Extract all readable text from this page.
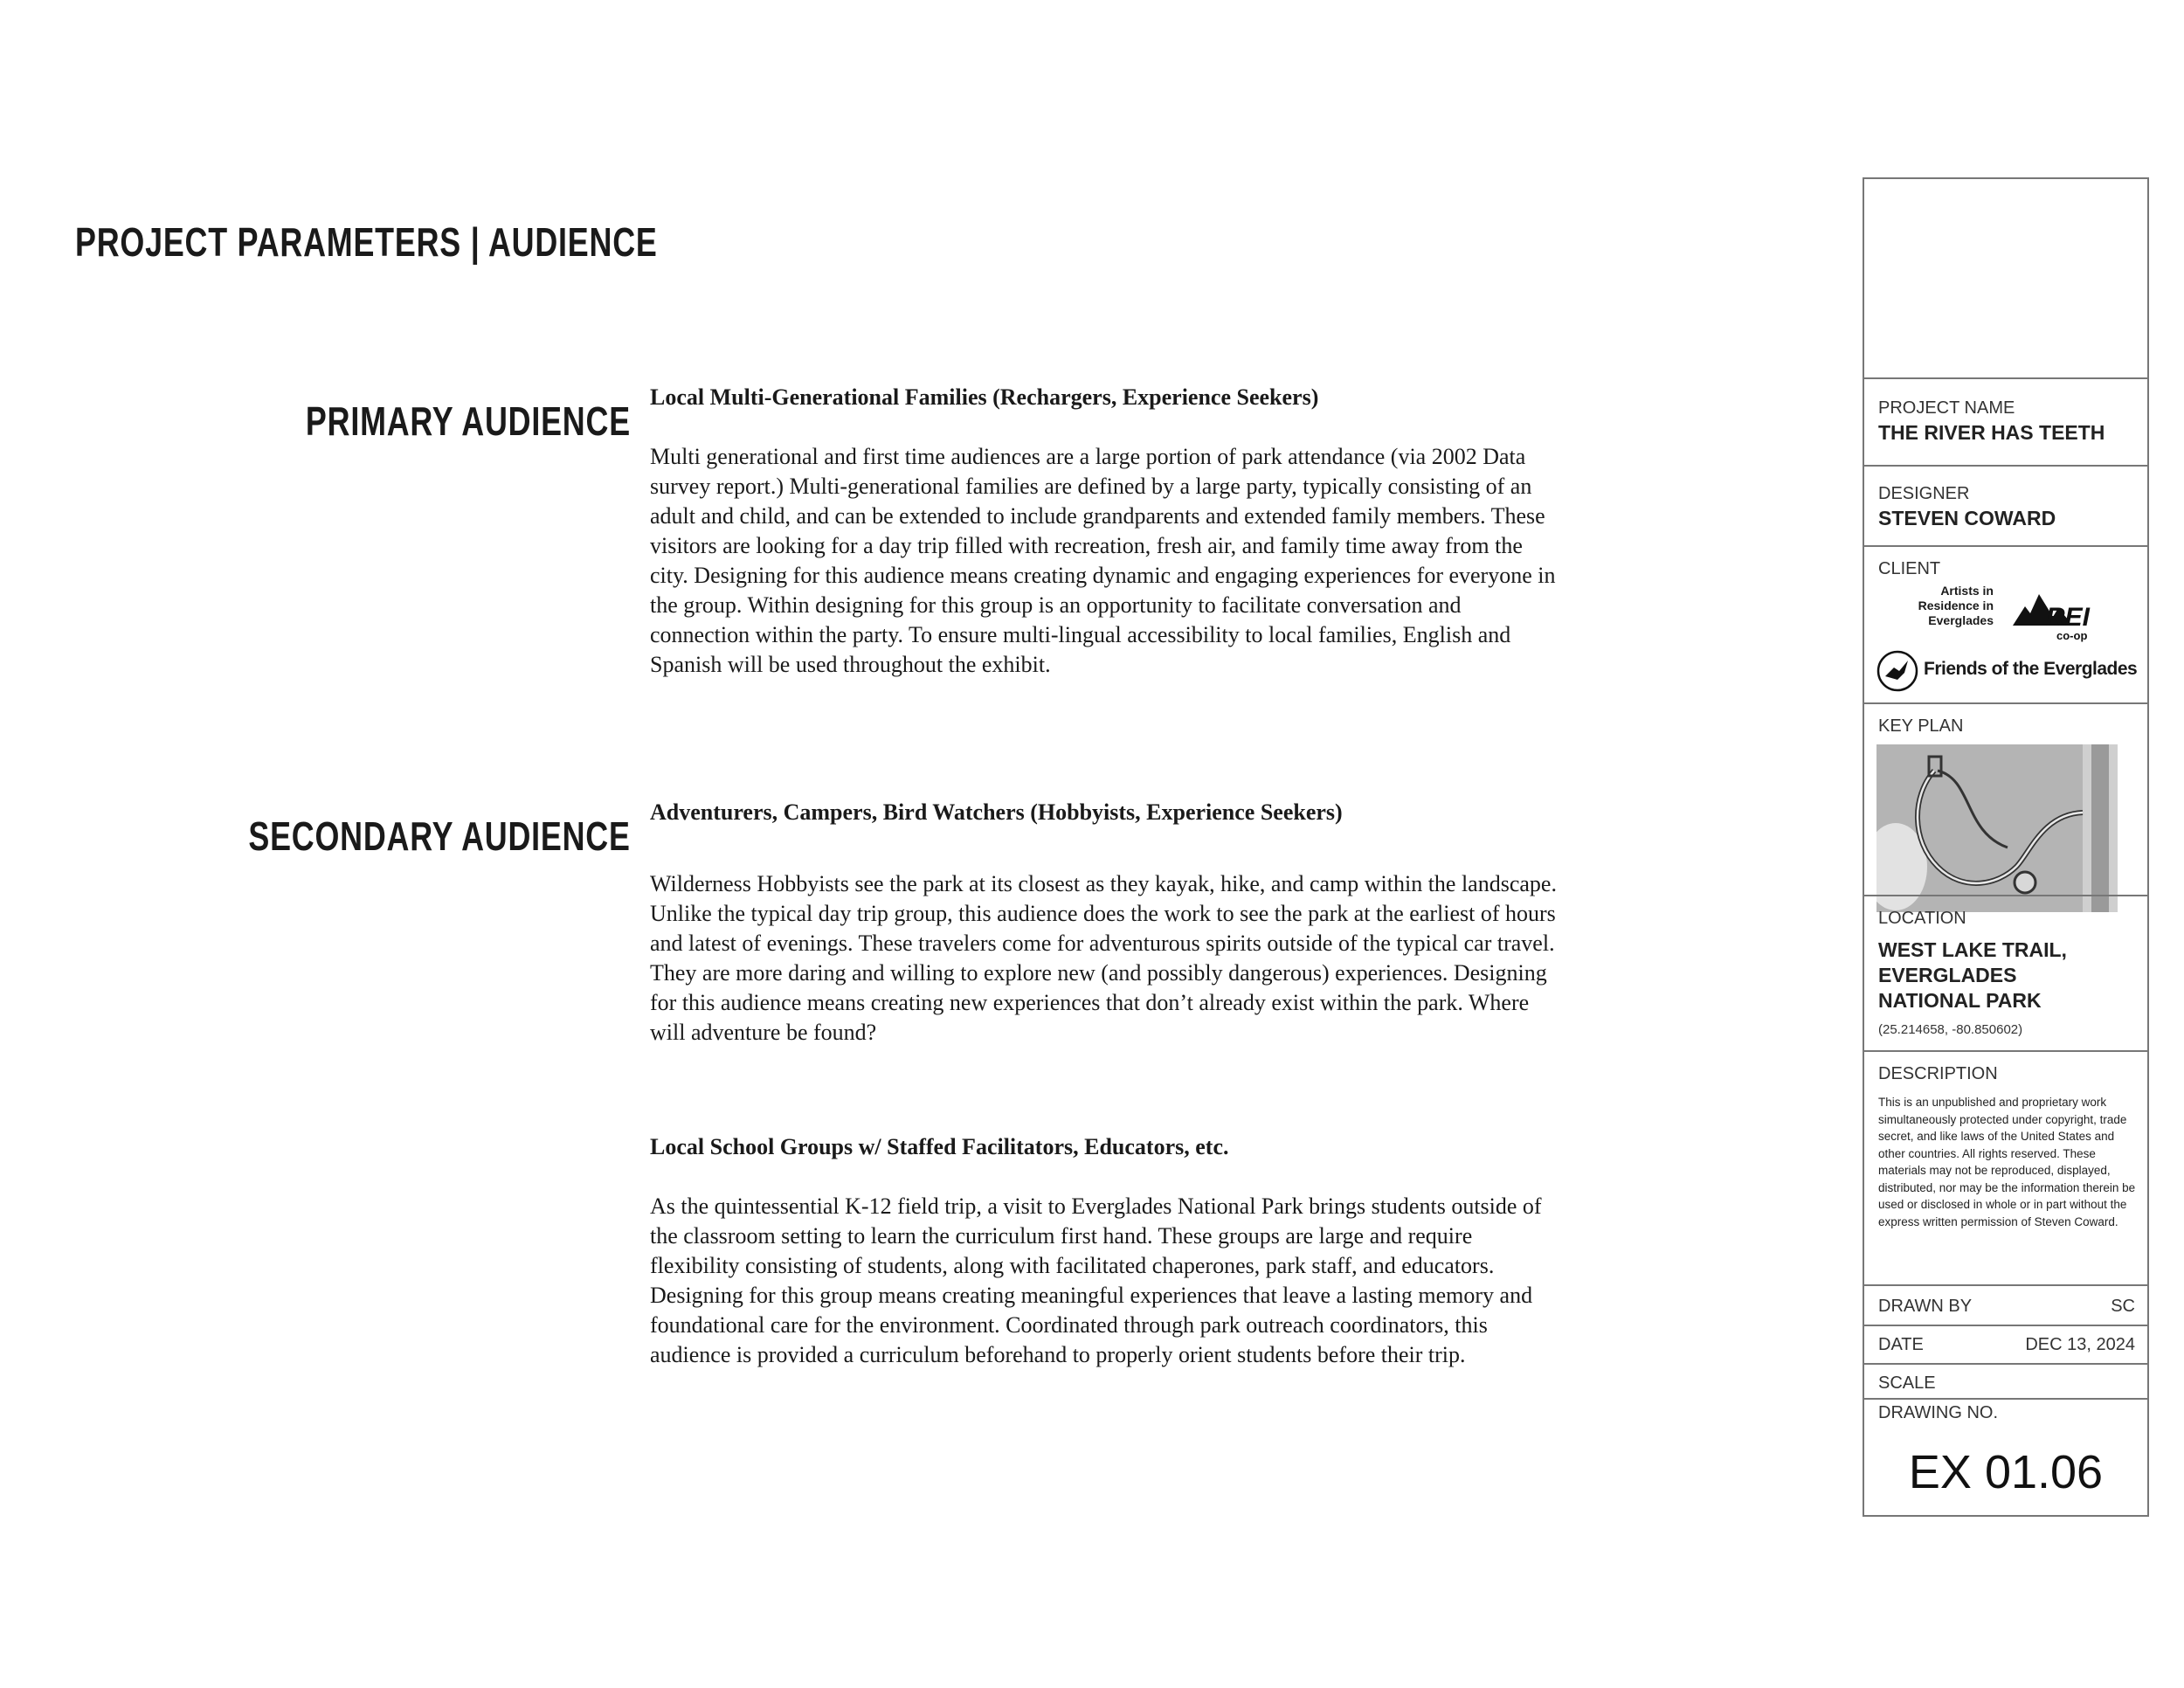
PROJECT PARAMETERS | AUDIENCE
PRIMARY AUDIENCE
Local Multi-Generational Families (Rechargers, Experience Seekers)

Multi generational and first time audiences are a large portion of park attendance (via 2002 Data survey report.) Multi-generational families are defined by a large party, typically consisting of an adult and child, and can be extended to include grandparents and extended family members. These visitors are looking for a day trip filled with recreation, fresh air, and family time away from the city. Designing for this audience means creating dynamic and engaging experiences for everyone in the group. Within designing for this group is an opportunity to facilitate conversation and connection within the party. To ensure multi-lingual accessibility to local families, English and Spanish will be used throughout the exhibit.

SECONDARY AUDIENCE
Adventurers, Campers, Bird Watchers (Hobbyists, Experience Seekers)

Wilderness Hobbyists see the park at its closest as they kayak, hike, and camp within the landscape. Unlike the typical day trip group, this audience does the work to see the park at the earliest of hours and latest of evenings. These travelers come for adventurous spirits outside of the typical car travel. They are more daring and willing to explore new (and possibly dangerous) experiences. Designing for this audience means creating new experiences that don’t already exist within the park. Where will adventure be found?

Local School Groups w/ Staffed Facilitators, Educators, etc.

As the quintessential K-12 field trip, a visit to Everglades National Park brings students outside of the classroom setting to learn the curriculum first hand. These groups are large and require flexibility consisting of students, along with facilitated chaperones, park staff, and educators. Designing for this group means creating meaningful experiences that leave a lasting memory and foundational care for the environment. Coordinated through park outreach coordinators, this audience is provided a curriculum beforehand to properly orient students before their trip.

PROJECT NAME
THE RIVER HAS TEETH
DESIGNER
STEVEN COWARD
CLIENT
Artists in Residence in Everglades REI
co-op
Friends of the Everglades
KEY PLAN
LOCATION
WEST LAKE TRAIL,
EVERGLADES
NATIONAL PARK
(25.214658, -80.850602)
DESCRIPTION
This is an unpublished and proprietary work simultaneously protected under copyright, trade secret, and like laws of the United States and other countries. All rights reserved. These materials may not be reproduced, displayed, distributed, nor may be the information therein be used or disclosed in whole or in part without the express written permission of Steven Coward.
DRAWN BY	SC
DATE	DEC 13, 2024
SCALE
DRAWING NO.
EX 01.06
